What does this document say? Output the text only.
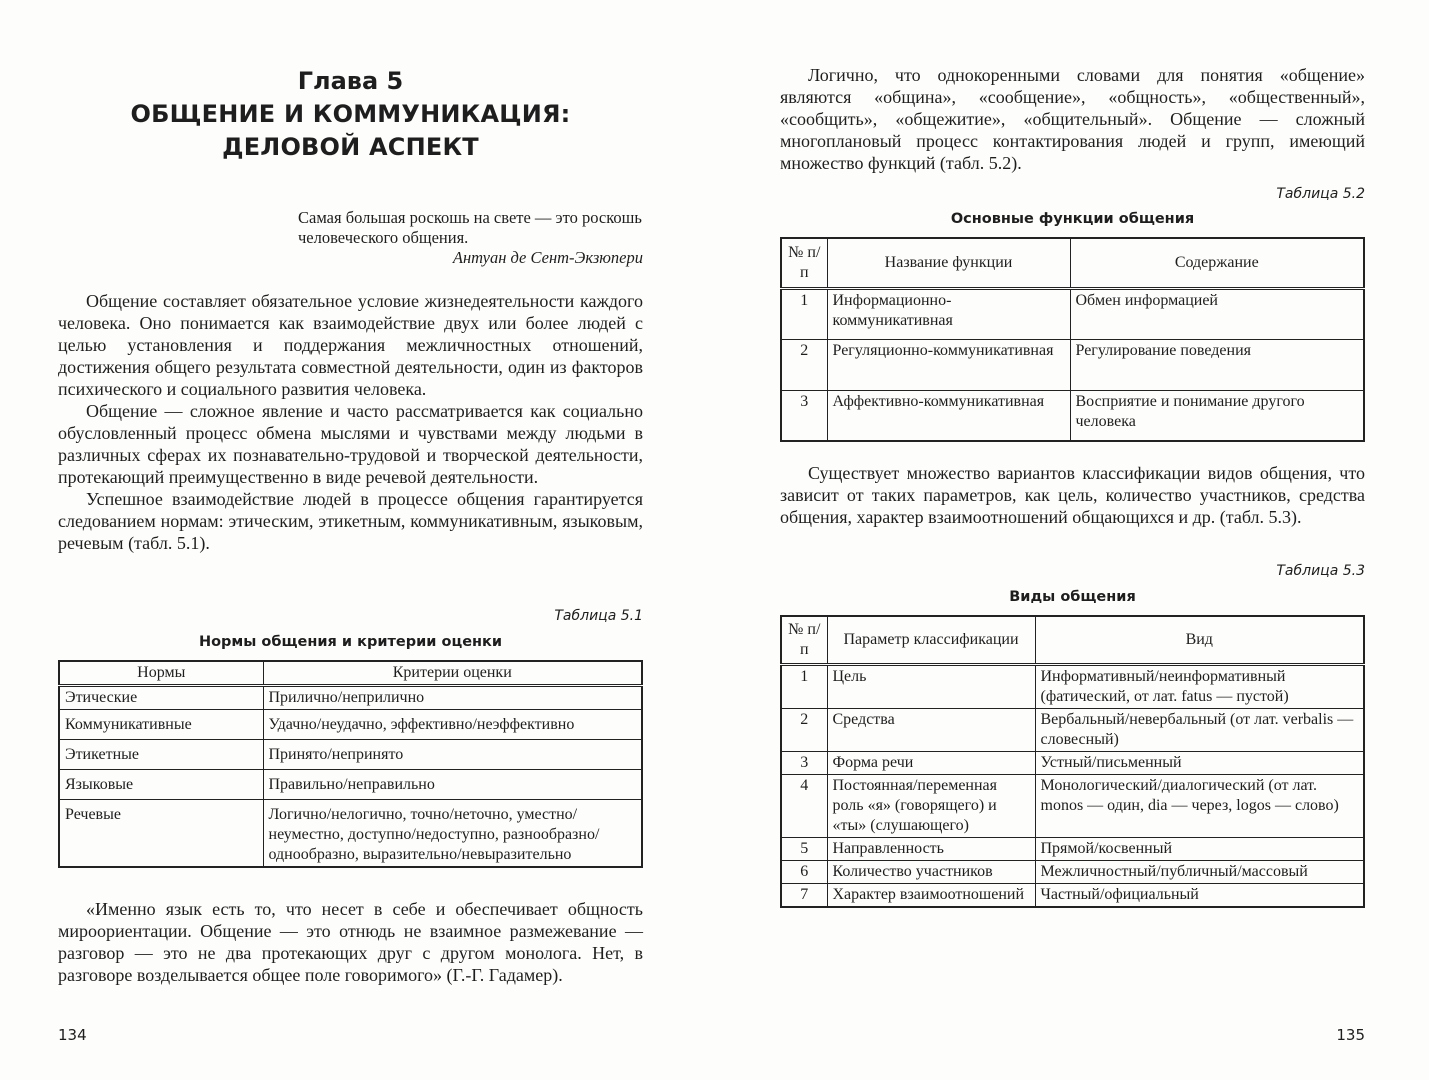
Глава 5
ОБЩЕНИЕ И КОММУНИКАЦИЯ:
ДЕЛОВОЙ АСПЕКТ
Самая большая роскошь на свете — это роскошь человеческого общения.
Антуан де Сент-Экзюпери

Общение составляет обязательное условие жизнедеятельности каждого человека. Оно понимается как взаимодействие двух или более людей с целью установления и поддержания межличностных отношений, достижения общего результата совместной деятельности, один из факторов психического и социального развития человека.

Общение — сложное явление и часто рассматривается как социально обусловленный процесс обмена мыслями и чувствами между людьми в различных сферах их познавательно-трудовой и творческой деятельности, протекающий преимущественно в виде речевой деятельности.

Успешное взаимодействие людей в процессе общения гарантируется следованием нормам: этическим, этикетным, коммуникативным, языковым, речевым (табл. 5.1).

Таблица 5.1
Нормы общения и критерии оценки
Нормы	Критерии оценки
Этические	Прилично/неприлично
Коммуникативные	Удачно/неудачно, эффективно/неэффективно
Этикетные	Принято/непринято
Языковые	Правильно/неправильно
Речевые	Логично/нелогично, точно/неточно, уместно/неуместно, доступно/недоступно, разнообразно/однообразно, выразительно/невыразительно

«Именно язык есть то, что несет в себе и обеспечивает общность мироориентации. Общение — это отнюдь не взаимное размежевание — разговор — это не два протекающих друг с другом монолога. Нет, в разговоре возделывается общее поле говоримого» (Г.-Г. Гадамер).

134

Логично, что однокоренными словами для понятия «общение» являются «община», «сообщение», «общность», «общественный», «сообщить», «общежитие», «общительный». Общение — сложный многоплановый процесс контактирования людей и групп, имеющий множество функций (табл. 5.2).

Таблица 5.2
Основные функции общения
№ п/п	Название функции	Содержание
1	Информационно-коммуникативная	Обмен информацией
2	Регуляционно-коммуникативная	Регулирование поведения
3	Аффективно-коммуникативная	Восприятие и понимание другого человека

Существует множество вариантов классификации видов общения, что зависит от таких параметров, как цель, количество участников, средства общения, характер взаимоотношений общающихся и др. (табл. 5.3).

Таблица 5.3
Виды общения
№ п/п	Параметр классификации	Вид
1	Цель	Информативный/неинформативный (фатический, от лат. fatus — пустой)
2	Средства	Вербальный/невербальный (от лат. verbalis — словесный)
3	Форма речи	Устный/письменный
4	Постоянная/переменная роль «я» (говорящего) и «ты» (слушающего)	Монологический/диалогический (от лат. monos — один, dia — через, logos — слово)
5	Направленность	Прямой/косвенный
6	Количество участников	Межличностный/публичный/массовый
7	Характер взаимоотношений	Частный/официальный
135
